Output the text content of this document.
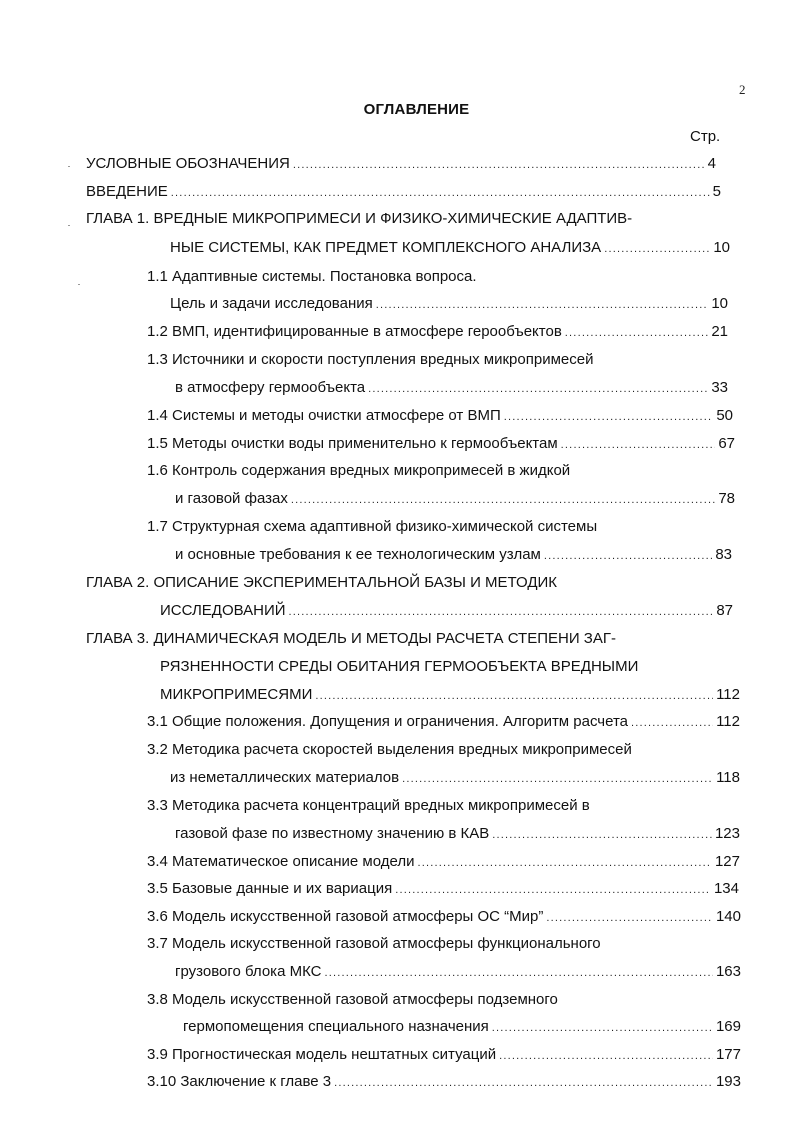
2
ОГЛАВЛЕНИЕ
Стр.
УСЛОВНЫЕ ОБОЗНАЧЕНИЯ .....	4
ВВЕДЕНИЕ .....	5
ГЛАВА 1. ВРЕДНЫЕ МИКРОПРИМЕСИ И ФИЗИКО-ХИМИЧЕСКИЕ АДАПТИВ-
НЫЕ СИСТЕМЫ, КАК ПРЕДМЕТ КОМПЛЕКСНОГО АНАЛИЗА .....	10
1.1 Адаптивные системы. Постановка вопроса.
Цель и задачи исследования .....	10
1.2 ВМП, идентифицированные в атмосфере герообъектов .....	21
1.3 Источники и скорости поступления вредных микропримесей
в атмосферу гермообъекта .....	33
1.4 Системы и методы очистки атмосфере от ВМП .....	50
1.5 Методы очистки воды применительно к гермообъектам .....	67
1.6 Контроль содержания вредных микропримесей в жидкой
и газовой фазах .....	78
1.7 Структурная схема адаптивной физико-химической системы
и основные требования к ее технологическим узлам .....	83
ГЛАВА 2. ОПИСАНИЕ ЭКСПЕРИМЕНТАЛЬНОЙ БАЗЫ И МЕТОДИК
ИССЛЕДОВАНИЙ .....	87
ГЛАВА 3. ДИНАМИЧЕСКАЯ МОДЕЛЬ И МЕТОДЫ РАСЧЕТА СТЕПЕНИ ЗАГ-
РЯЗНЕННОСТИ СРЕДЫ ОБИТАНИЯ ГЕРМООБЪЕКТА ВРЕДНЫМИ
МИКРОПРИМЕСЯМИ .....	112
3.1 Общие положения. Допущения и ограничения. Алгоритм расчета .....	112
3.2 Методика расчета скоростей выделения вредных микропримесей
из неметаллических материалов .....	118
3.3 Методика расчета концентраций вредных микропримесей в
газовой фазе по известному значению в КАВ .....	123
3.4 Математическое описание модели .....	127
3.5 Базовые данные и их вариация .....	134
3.6 Модель искусственной газовой атмосферы ОС “Мир” .....	140
3.7 Модель искусственной газовой атмосферы функционального
грузового блока МКС .....	163
3.8 Модель искусственной газовой атмосферы подземного
гермопомещения специального назначения .....	169
3.9 Прогностическая модель нештатных ситуаций .....	177
3.10 Заключение к главе 3 .....	193
